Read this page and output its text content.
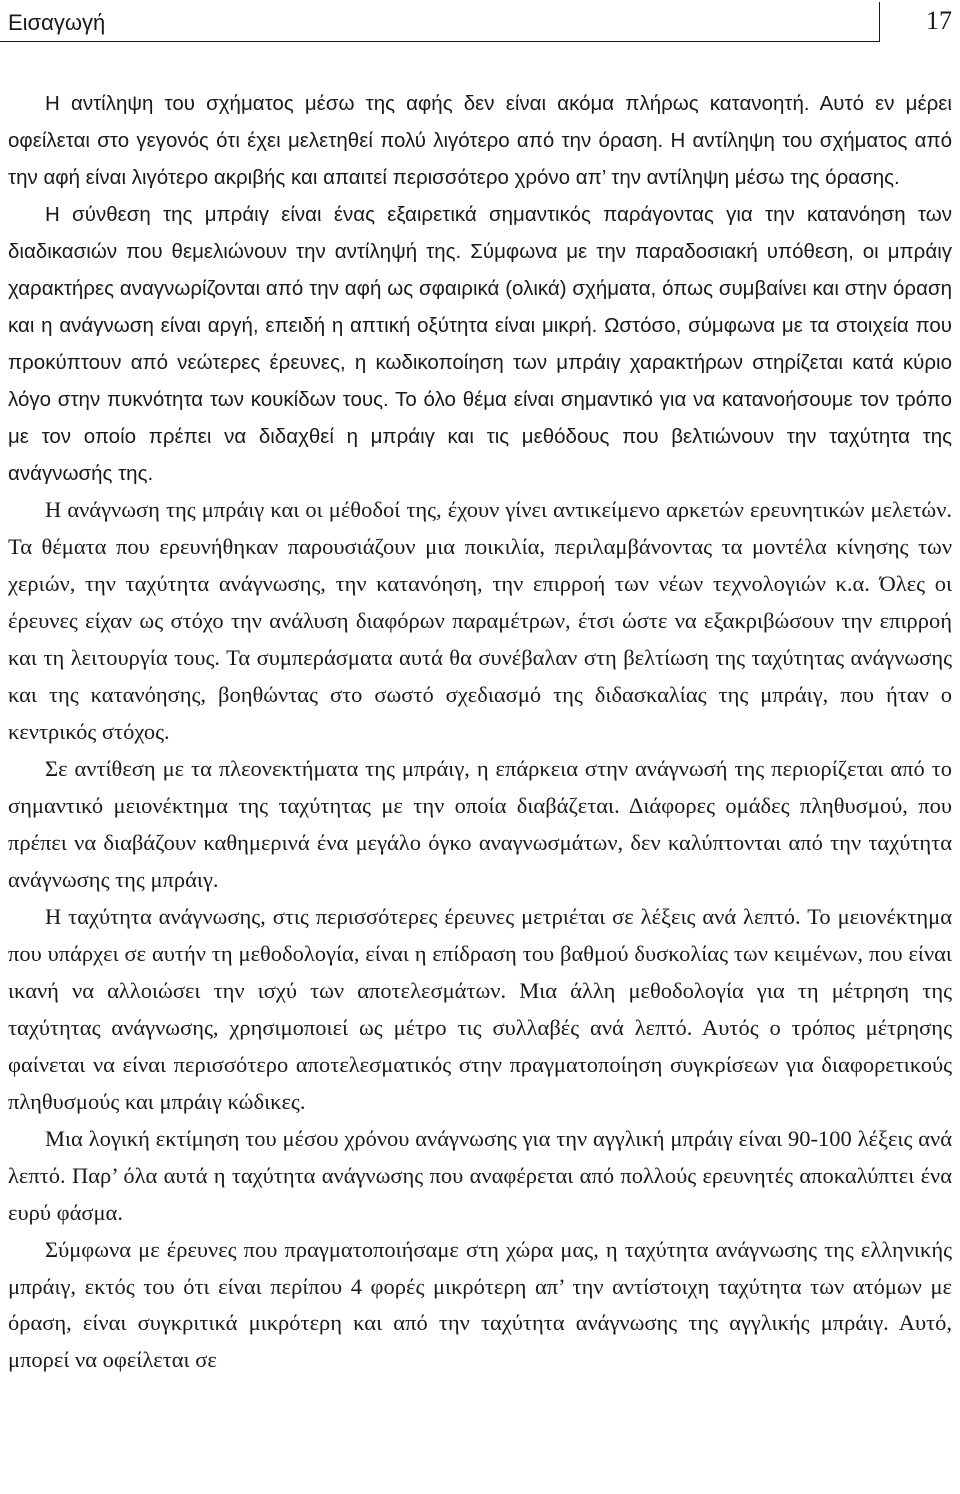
Εισαγωγή	17

Η αντίληψη του σχήματος μέσω της αφής δεν είναι ακόμα πλήρως κατανοητή. Αυτό εν μέρει οφείλεται στο γεγονός ότι έχει μελετηθεί πολύ λιγότερο από την όραση. Η αντίληψη του σχήματος από την αφή είναι λιγότερο ακριβής και απαιτεί περισσότερο χρόνο απ’ την αντίληψη μέσω της όρασης.

Η σύνθεση της μπράιγ είναι ένας εξαιρετικά σημαντικός παράγοντας για την κατανόηση των διαδικασιών που θεμελιώνουν την αντίληψή της. Σύμφωνα με την παραδοσιακή υπόθεση, οι μπράιγ χαρακτήρες αναγνωρίζονται από την αφή ως σφαιρικά (ολικά) σχήματα, όπως συμβαίνει και στην όραση και η ανάγνωση είναι αργή, επειδή η απτική οξύτητα είναι μικρή. Ωστόσο, σύμφωνα με τα στοιχεία που προκύπτουν από νεώτερες έρευνες, η κωδικοποίηση των μπράιγ χαρακτήρων στηρίζεται κατά κύριο λόγο στην πυκνότητα των κουκίδων τους. Το όλο θέμα είναι σημαντικό για να κατανοήσουμε τον τρόπο με τον οποίο πρέπει να διδαχθεί η μπράιγ και τις μεθόδους που βελτιώνουν την ταχύτητα της ανάγνωσής της.

Η ανάγνωση της μπράιγ και οι μέθοδοί της, έχουν γίνει αντικείμενο αρκετών ερευνητικών μελετών. Τα θέματα που ερευνήθηκαν παρουσιάζουν μια ποικιλία, περιλαμβάνοντας τα μοντέλα κίνησης των χεριών, την ταχύτητα ανάγνωσης, την κατανόηση, την επιρροή των νέων τεχνολογιών κ.α. Όλες οι έρευνες είχαν ως στόχο την ανάλυση διαφόρων παραμέτρων, έτσι ώστε να εξακριβώσουν την επιρροή και τη λειτουργία τους. Τα συμπεράσματα αυτά θα συνέβαλαν στη βελτίωση της ταχύτητας ανάγνωσης και της κατανόησης, βοηθώντας στο σωστό σχεδιασμό της διδασκαλίας της μπράιγ, που ήταν ο κεντρικός στόχος.

Σε αντίθεση με τα πλεονεκτήματα της μπράιγ, η επάρκεια στην ανάγνωσή της περιορίζεται από το σημαντικό μειονέκτημα της ταχύτητας με την οποία διαβάζεται. Διάφορες ομάδες πληθυσμού, που πρέπει να διαβάζουν καθημερινά ένα μεγάλο όγκο αναγνωσμάτων, δεν καλύπτονται από την ταχύτητα ανάγνωσης της μπράιγ.

Η ταχύτητα ανάγνωσης, στις περισσότερες έρευνες μετριέται σε λέξεις ανά λεπτό. Το μειονέκτημα που υπάρχει σε αυτήν τη μεθοδολογία, είναι η επίδραση του βαθμού δυσκολίας των κειμένων, που είναι ικανή να αλλοιώσει την ισχύ των αποτελεσμάτων. Μια άλλη μεθοδολογία για τη μέτρηση της ταχύτητας ανάγνωσης, χρησιμοποιεί ως μέτρο τις συλλαβές ανά λεπτό. Αυτός ο τρόπος μέτρησης φαίνεται να είναι περισσότερο αποτελεσματικός στην πραγματοποίηση συγκρίσεων για διαφορετικούς πληθυσμούς και μπράιγ κώδικες.

Μια λογική εκτίμηση του μέσου χρόνου ανάγνωσης για την αγγλική μπράιγ είναι 90-100 λέξεις ανά λεπτό. Παρ’ όλα αυτά η ταχύτητα ανάγνωσης που αναφέρεται από πολλούς ερευνητές αποκαλύπτει ένα ευρύ φάσμα.

Σύμφωνα με έρευνες που πραγματοποιήσαμε στη χώρα μας, η ταχύτητα ανάγνωσης της ελληνικής μπράιγ, εκτός του ότι είναι περίπου 4 φορές μικρότερη απ’ την αντίστοιχη ταχύτητα των ατόμων με όραση, είναι συγκριτικά μικρότερη και από την ταχύτητα ανάγνωσης της αγγλικής μπράιγ. Αυτό, μπορεί να οφείλεται σε
